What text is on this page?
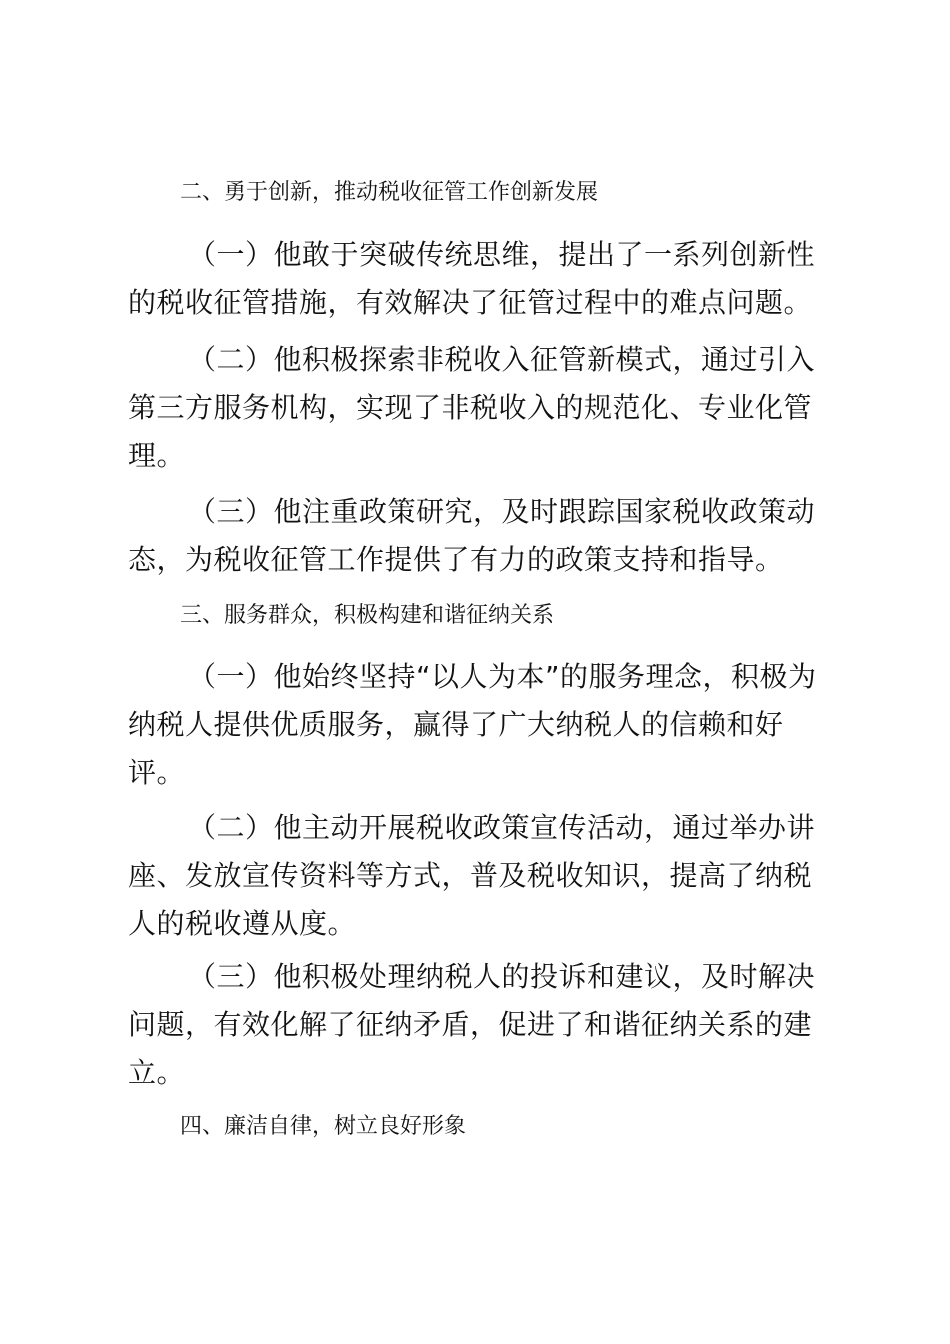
二、勇于创新，推动税收征管工作创新发展
（一）他敢于突破传统思维，提出了一系列创新性的税收征管措施，有效解决了征管过程中的难点问题。
（二）他积极探索非税收入征管新模式，通过引入第三方服务机构，实现了非税收入的规范化、专业化管理。
（三）他注重政策研究，及时跟踪国家税收政策动态，为税收征管工作提供了有力的政策支持和指导。
三、服务群众，积极构建和谐征纳关系
（一）他始终坚持“以人为本”的服务理念，积极为纳税人提供优质服务，赢得了广大纳税人的信赖和好评。
（二）他主动开展税收政策宣传活动，通过举办讲座、发放宣传资料等方式，普及税收知识，提高了纳税人的税收遵从度。
（三）他积极处理纳税人的投诉和建议，及时解决问题，有效化解了征纳矛盾，促进了和谐征纳关系的建立。
四、廉洁自律，树立良好形象
